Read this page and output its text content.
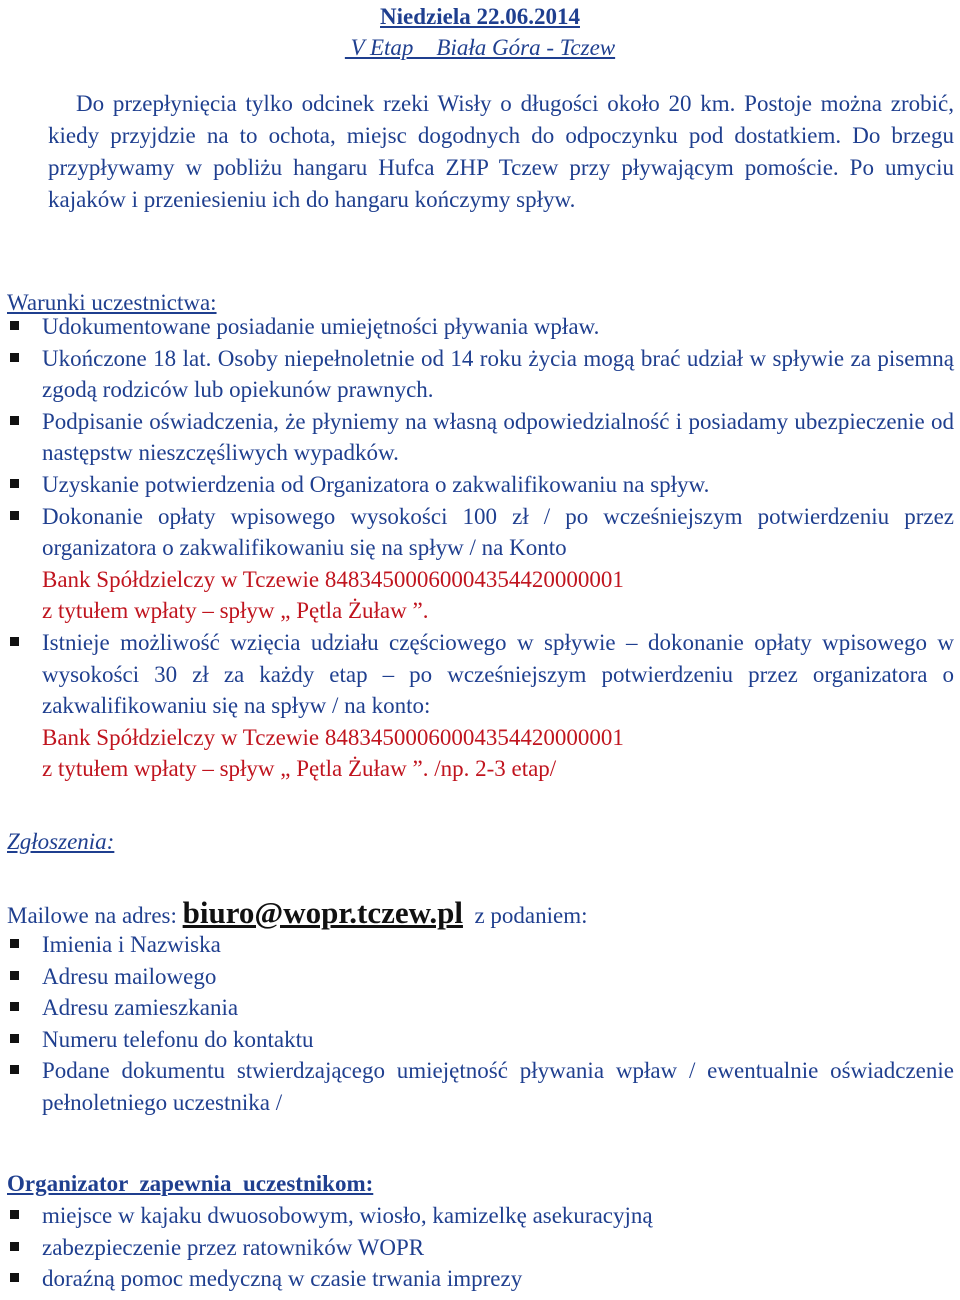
Niedziela 22.06.2014
V Etap    Biała Góra - Tczew

Do przepłynięcia tylko odcinek rzeki Wisły o długości około 20 km. Postoje można zrobić, kiedy przyjdzie na to ochota, miejsc dogodnych do odpoczynku pod dostatkiem. Do brzegu przypływamy w pobliżu hangaru Hufca ZHP Tczew przy pływającym pomoście. Po umyciu kajaków i przeniesieniu ich do hangaru kończymy spływ.

Warunki uczestnictwa:

Udokumentowane posiadanie umiejętności pływania wpław.
Ukończone 18 lat. Osoby niepełnoletnie od 14 roku życia mogą brać udział w spływie za pisemną zgodą rodziców lub opiekunów prawnych.
Podpisanie oświadczenia, że płyniemy na własną odpowiedzialność i posiadamy ubezpieczenie od następstw nieszczęśliwych wypadków.
Uzyskanie potwierdzenia od Organizatora o zakwalifikowaniu na spływ.
Dokonanie opłaty wpisowego wysokości 100 zł / po wcześniejszym potwierdzeniu przez organizatora o zakwalifikowaniu się na spływ / na Konto
Bank Spółdzielczy w Tczewie 84834500060004354420000001
z tytułem wpłaty – spływ „ Pętla Żuław ”.
Istnieje możliwość wzięcia udziału częściowego w spływie – dokonanie opłaty wpisowego w wysokości 30 zł za każdy etap – po wcześniejszym potwierdzeniu przez organizatora o zakwalifikowaniu się na spływ / na konto:
Bank Spółdzielczy w Tczewie 84834500060004354420000001
z tytułem wpłaty – spływ „ Pętla Żuław ”. /np. 2-3 etap/

Zgłoszenia:

Mailowe na adres: biuro@wopr.tczew.pl  z podaniem:

Imienia i Nazwiska
Adresu mailowego
Adresu zamieszkania
Numeru telefonu do kontaktu
Podane dokumentu stwierdzającego umiejętność pływania wpław / ewentualnie oświadczenie pełnoletniego uczestnika /

Organizator  zapewnia  uczestnikom:

miejsce w kajaku dwuosobowym, wiosło, kamizelkę asekuracyjną
zabezpieczenie przez ratowników WOPR
doraźną pomoc medyczną w czasie trwania imprezy
